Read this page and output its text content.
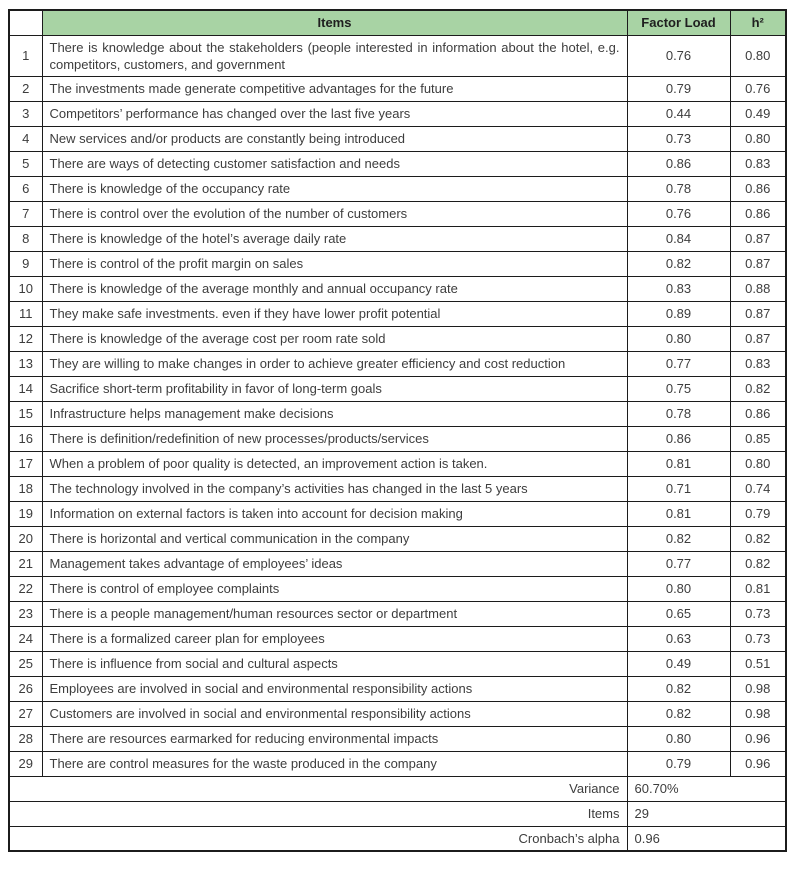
	Items	Factor Load	h²
1	There is knowledge about the stakeholders (people interested in information about the hotel, e.g. competitors, customers, and government	0.76	0.80
2	The investments made generate competitive advantages for the future	0.79	0.76
3	Competitors’ performance has changed over the last five years	0.44	0.49
4	New services and/or products are constantly being introduced	0.73	0.80
5	There are ways of detecting customer satisfaction and needs	0.86	0.83
6	There is knowledge of the occupancy rate	0.78	0.86
7	There is control over the evolution of the number of customers	0.76	0.86
8	There is knowledge of the hotel’s average daily rate	0.84	0.87
9	There is control of the profit margin on sales	0.82	0.87
10	There is knowledge of the average monthly and annual occupancy rate	0.83	0.88
11	They make safe investments. even if they have lower profit potential	0.89	0.87
12	There is knowledge of the average cost per room rate sold	0.80	0.87
13	They are willing to make changes in order to achieve greater efficiency and cost reduction	0.77	0.83
14	Sacrifice short-term profitability in favor of long-term goals	0.75	0.82
15	Infrastructure helps management make decisions	0.78	0.86
16	There is definition/redefinition of new processes/products/services	0.86	0.85
17	When a problem of poor quality is detected, an improvement action is taken.	0.81	0.80
18	The technology involved in the company’s activities has changed in the last 5 years	0.71	0.74
19	Information on external factors is taken into account for decision making	0.81	0.79
20	There is horizontal and vertical communication in the company	0.82	0.82
21	Management takes advantage of employees’ ideas	0.77	0.82
22	There is control of employee complaints	0.80	0.81
23	There is a people management/human resources sector or department	0.65	0.73
24	There is a formalized career plan for employees	0.63	0.73
25	There is influence from social and cultural aspects	0.49	0.51
26	Employees are involved in social and environmental responsibility actions	0.82	0.98
27	Customers are involved in social and environmental responsibility actions	0.82	0.98
28	There are resources earmarked for reducing environmental impacts	0.80	0.96
29	There are control measures for the waste produced in the company	0.79	0.96
Variance		60.70%	
Items		29	
Cronbach’s alpha		0.96	
